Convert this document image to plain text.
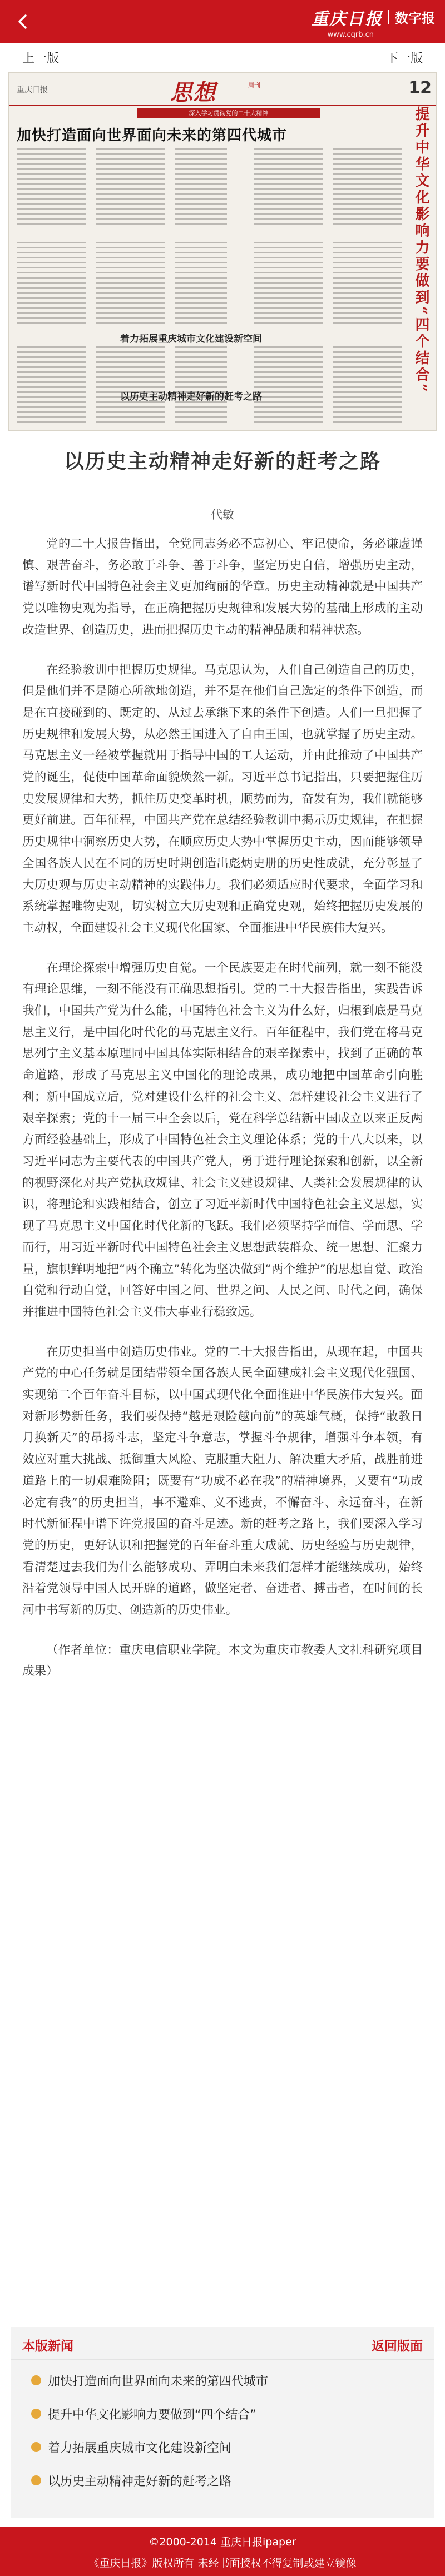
重庆日报 数字报
www.cqrb.cn
上一版	下一版
重庆日报	思想	周刊	12
深入学习贯彻党的二十大精神
加快打造面向世界面向未来的第四代城市	提升中华文化影响力要做到“四个结合”
着力拓展重庆城市文化建设新空间
以历史主动精神走好新的赶考之路
以历史主动精神走好新的赶考之路
代敏

党的二十大报告指出，全党同志务必不忘初心、牢记使命，务必谦虚谨慎、艰苦奋斗，务必敢于斗争、善于斗争，坚定历史自信，增强历史主动，谱写新时代中国特色社会主义更加绚丽的华章。历史主动精神就是中国共产党以唯物史观为指导，在正确把握历史规律和发展大势的基础上形成的主动改造世界、创造历史，进而把握历史主动的精神品质和精神状态。

在经验教训中把握历史规律。马克思认为，人们自己创造自己的历史，但是他们并不是随心所欲地创造，并不是在他们自己选定的条件下创造，而是在直接碰到的、既定的、从过去承继下来的条件下创造。人们一旦把握了历史规律和发展大势，从必然王国进入了自由王国，也就掌握了历史主动。马克思主义一经被掌握就用于指导中国的工人运动，并由此推动了中国共产党的诞生，促使中国革命面貌焕然一新。习近平总书记指出，只要把握住历史发展规律和大势，抓住历史变革时机，顺势而为，奋发有为，我们就能够更好前进。百年征程，中国共产党在总结经验教训中揭示历史规律，在把握历史规律中洞察历史大势，在顺应历史大势中掌握历史主动，因而能够领导全国各族人民在不同的历史时期创造出彪炳史册的历史性成就，充分彰显了大历史观与历史主动精神的实践伟力。我们必须适应时代要求，全面学习和系统掌握唯物史观，切实树立大历史观和正确党史观，始终把握历史发展的主动权，全面建设社会主义现代化国家、全面推进中华民族伟大复兴。

在理论探索中增强历史自觉。一个民族要走在时代前列，就一刻不能没有理论思维，一刻不能没有正确思想指引。党的二十大报告指出，实践告诉我们，中国共产党为什么能，中国特色社会主义为什么好，归根到底是马克思主义行，是中国化时代化的马克思主义行。百年征程中，我们党在将马克思列宁主义基本原理同中国具体实际相结合的艰辛探索中，找到了正确的革命道路，形成了马克思主义中国化的理论成果，成功地把中国革命引向胜利；新中国成立后，党对建设什么样的社会主义、怎样建设社会主义进行了艰辛探索；党的十一届三中全会以后，党在科学总结新中国成立以来正反两方面经验基础上，形成了中国特色社会主义理论体系；党的十八大以来，以习近平同志为主要代表的中国共产党人，勇于进行理论探索和创新，以全新的视野深化对共产党执政规律、社会主义建设规律、人类社会发展规律的认识，将理论和实践相结合，创立了习近平新时代中国特色社会主义思想，实现了马克思主义中国化时代化新的飞跃。我们必须坚持学而信、学而思、学而行，用习近平新时代中国特色社会主义思想武装群众、统一思想、汇聚力量，旗帜鲜明地把“两个确立”转化为坚决做到“两个维护”的思想自觉、政治自觉和行动自觉，回答好中国之问、世界之问、人民之问、时代之问，确保并推进中国特色社会主义伟大事业行稳致远。

在历史担当中创造历史伟业。党的二十大报告指出，从现在起，中国共产党的中心任务就是团结带领全国各族人民全面建成社会主义现代化强国、实现第二个百年奋斗目标，以中国式现代化全面推进中华民族伟大复兴。面对新形势新任务，我们要保持“越是艰险越向前”的英雄气概，保持“敢教日月换新天”的昂扬斗志，坚定斗争意志，掌握斗争规律，增强斗争本领，有效应对重大挑战、抵御重大风险、克服重大阻力、解决重大矛盾，战胜前进道路上的一切艰难险阻；既要有“功成不必在我”的精神境界，又要有“功成必定有我”的历史担当，事不避难、义不逃责，不懈奋斗、永远奋斗，在新时代新征程中谱下许党报国的奋斗足迹。新的赶考之路上，我们要深入学习党的历史，更好认识和把握党的百年奋斗重大成就、历史经验与历史规律，看清楚过去我们为什么能够成功、弄明白未来我们怎样才能继续成功，始终沿着党领导中国人民开辟的道路，做坚定者、奋进者、搏击者，在时间的长河中书写新的历史、创造新的历史伟业。

（作者单位：重庆电信职业学院。本文为重庆市教委人文社科研究项目成果）

本版新闻	返回版面
加快打造面向世界面向未来的第四代城市
提升中华文化影响力要做到“四个结合”
着力拓展重庆城市文化建设新空间
以历史主动精神走好新的赶考之路
©2000-2014 重庆日报ipaper
《重庆日报》版权所有 未经书面授权不得复制或建立镜像
